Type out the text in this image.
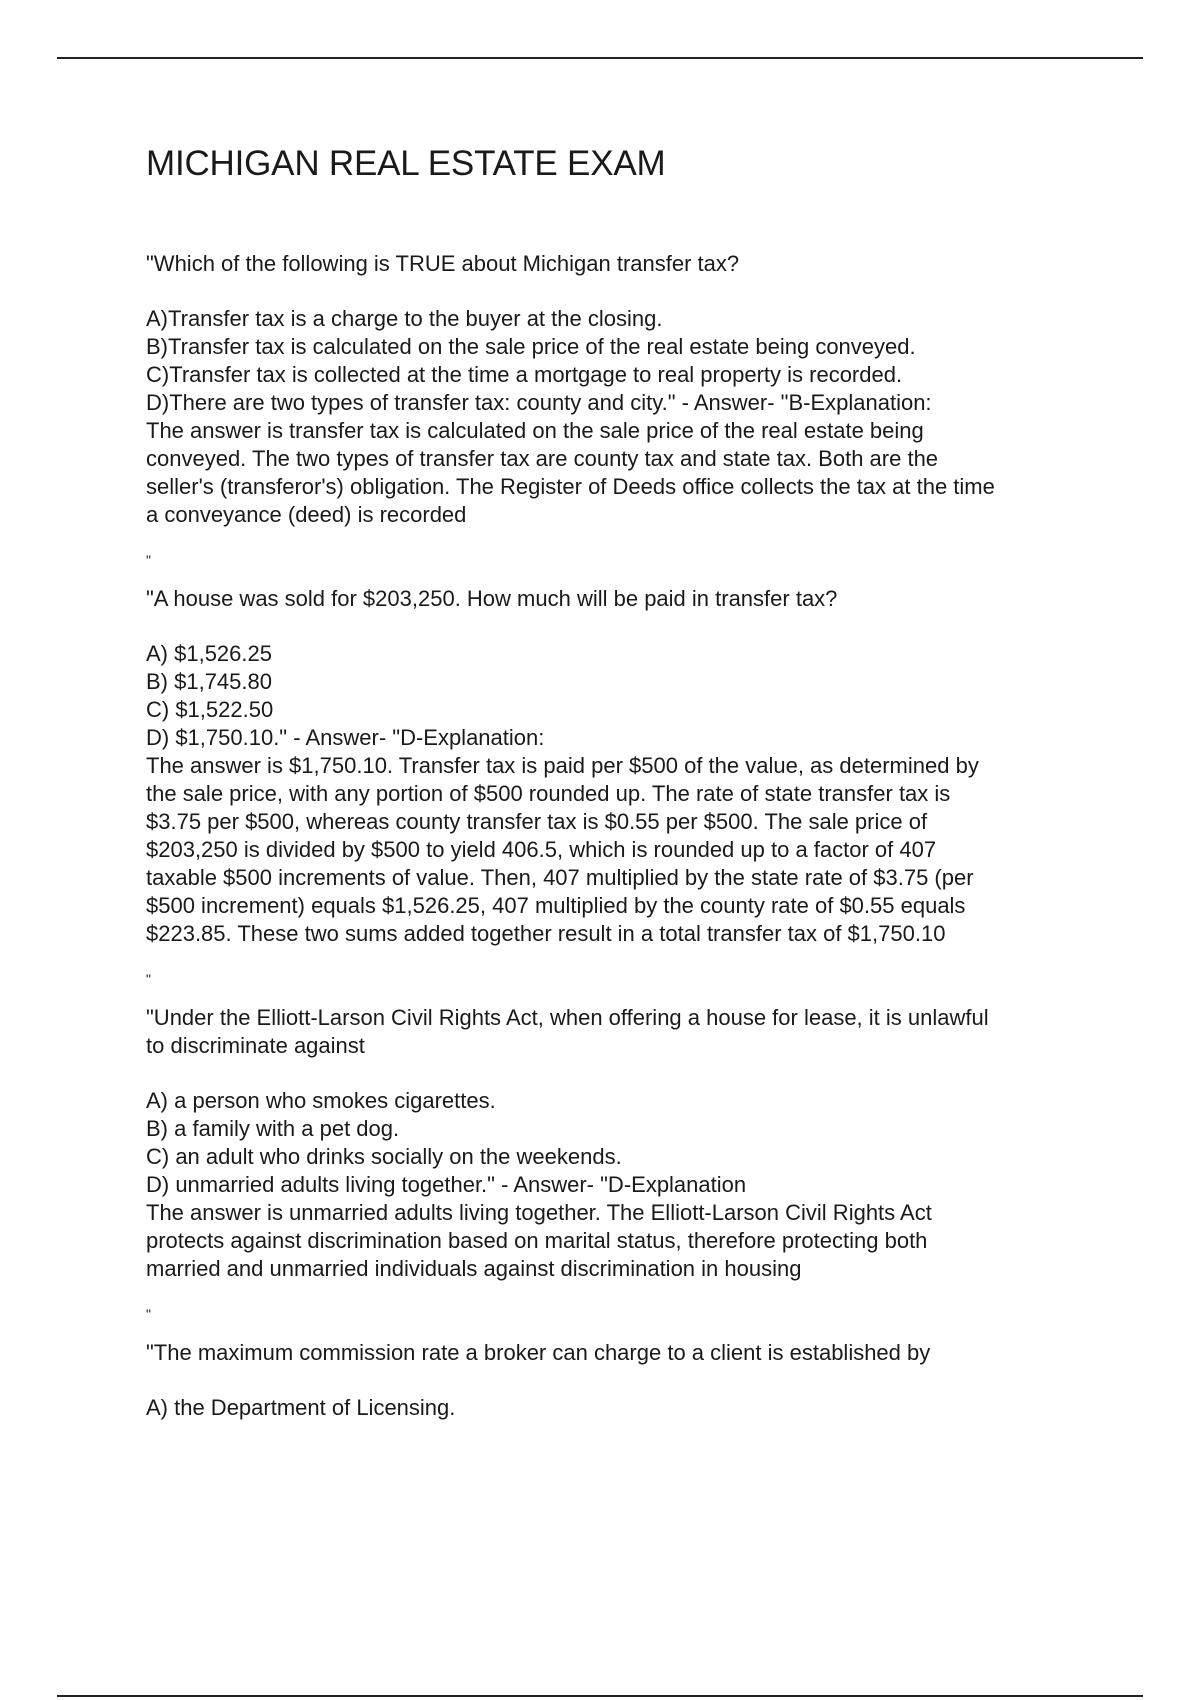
MICHIGAN REAL ESTATE EXAM

"Which of the following is TRUE about Michigan transfer tax?

A)Transfer tax is a charge to the buyer at the closing.

B)Transfer tax is calculated on the sale price of the real estate being conveyed.

C)Transfer tax is collected at the time a mortgage to real property is recorded.

D)There are two types of transfer tax: county and city." - Answer- "B-Explanation:

The answer is transfer tax is calculated on the sale price of the real estate being

conveyed. The two types of transfer tax are county tax and state tax. Both are the

seller's (transferor's) obligation. The Register of Deeds office collects the tax at the time

a conveyance (deed) is recorded

"

"A house was sold for $203,250. How much will be paid in transfer tax?

A) $1,526.25

B) $1,745.80

C) $1,522.50

D) $1,750.10." - Answer- "D-Explanation:

The answer is $1,750.10. Transfer tax is paid per $500 of the value, as determined by

the sale price, with any portion of $500 rounded up. The rate of state transfer tax is

$3.75 per $500, whereas county transfer tax is $0.55 per $500. The sale price of

$203,250 is divided by $500 to yield 406.5, which is rounded up to a factor of 407

taxable $500 increments of value. Then, 407 multiplied by the state rate of $3.75 (per

$500 increment) equals $1,526.25, 407 multiplied by the county rate of $0.55 equals

$223.85. These two sums added together result in a total transfer tax of $1,750.10

"

"Under the Elliott-Larson Civil Rights Act, when offering a house for lease, it is unlawful

to discriminate against

A) a person who smokes cigarettes.

B) a family with a pet dog.

C) an adult who drinks socially on the weekends.

D) unmarried adults living together." - Answer- "D-Explanation

The answer is unmarried adults living together. The Elliott-Larson Civil Rights Act

protects against discrimination based on marital status, therefore protecting both

married and unmarried individuals against discrimination in housing

"

"The maximum commission rate a broker can charge to a client is established by

A) the Department of Licensing.
